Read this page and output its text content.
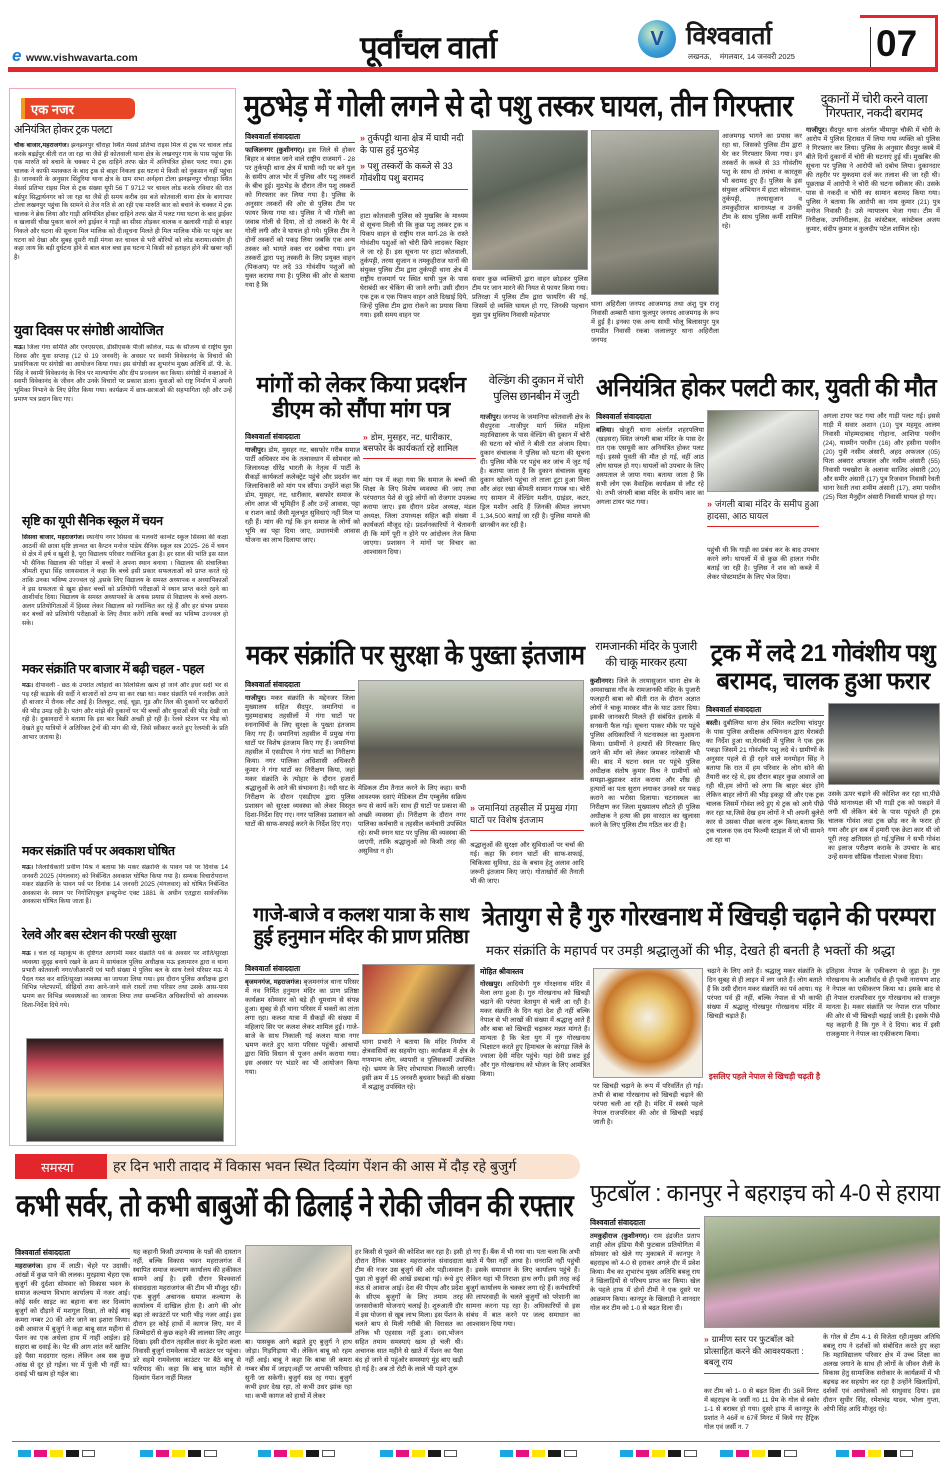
e www.vishwavarta.com	पूर्वांचल वार्ता	V विश्ववार्ता
लखनऊ,    मंगलवार, 14 जनवरी 2025 07
एक नजर
अनियंत्रित होकर ट्रक पलटा
चौक बाजार,महराजगंज। झनझनपुर चौराहा स्थित मेसर्स प्रतिभा राइस मिल से ट्रक पर चावल लोड करके बढ़ईपुर बीती रात जा रहा था जैसे ही कोतवाली थाना क्षेत्र के लखनपुर गाय के पास पहुंचा कि एक मारुति को बचाने के चक्कर मे ट्रक दाहिने तरफ खेत में अनियंत्रित होकर पलट गया। ट्रक चालक ने काफी मशक्कत के बाद ट्रक से बाहर निकला इस घटना मे किसी को नुकसान नहीं पहुंचा है। जानकारी के अनुसार सिंदुरिया थाना क्षेत्र के ग्राम सभा अर्नहवा टोला झनझनपुर चौराहा स्थित मेसर्स प्रतिभा राइस मिल से ट्रक संख्या यूपी 56 T 9712 पर चावल लोड करके रविवार की रात बर्डपुर सिद्धार्थनगर को जा रहा था जैसे ही समय करीब दस बजे कोतवाली थाना क्षेत्र के बागापार टोला लखनपुर पहुंचा कि सामने से तेज गति से आ रही एक मारुति कार को बचाने के चक्कर में ट्रक चालक ने ब्रेक लिया और गाड़ी अनियंत्रित होकर दाहिने तरफ खेत में पलट गया घटना के बाद ड्राईवर व खलासी चीख पुकार करने लगे ड्राईवर ने गाड़ी का सीसा तोड़कर चालक व खलासी गाड़ी से बाहर निकले और घटना की सूचना मिल मालिक को दी।सूचना मिलते ही मिल मालिक मौके पर पहुंच कर घटना को देखा और सुबह दूसरी गाड़ी मंगवा कर चावल से भरी बोरियों को लोड कराया।संयोग ही कहा जाय कि बड़ी दुर्घटना होने से बाल बाल बचा इस घटना मे किसी को हताहत होने की खबर नहीं है।
युवा दिवस पर संगोष्ठी आयोजित
मऊ। जिला गंगा समिति और एनएसएस, डीसीएसके पीजी कॉलेज, मऊ के सौजन्य से राष्ट्रीय युवा दिवस और युवा सप्ताह (12 से 19 जनवरी) के अवसर पर स्वामी विवेकानंद के विचारों की प्रासंगिकता पर संगोष्ठी का आयोजन किया गया। इस संगोष्ठी का शुभारंभ मुख्य अतिथि डॉ. पी. के. सिंह ने स्वामी विवेकानंद के चित्र पर माल्यार्पण और दीप प्रज्वलन कर किया। संगोष्ठी में वक्ताओं ने स्वामी विवेकानंद के जीवन और उनके विचारों पर प्रकाश डाला। युवाओं को राष्ट्र निर्माण में अपनी भूमिका निभाने के लिए प्रेरित किया गया। कार्यक्रम में छात्र-छात्राओं की सहभागिता रही और उन्हें प्रमाण पत्र प्रदान किए गए।
सृष्टि का यूपी सैनिक स्कूल में चयन
सिसवा बाजार, महराजगंज। स्थानीय नगर सिसवा के मलवरी कान्वेंट स्कूल सिसवा की कक्षा आठवीं की छात्रा सृष्टि ज्ञान्वत का कैप्टन मनोज पांडेय सैनिक स्कूल सत्र 2025- 26 में चयन से क्षेत्र में हर्ष व खुशी है, पूरा विद्यालय परिवार गर्वान्वित हुआ है। हर साल की भांति इस साल भी सैनिक विद्यालय की परीक्षा में बच्चों ने अपना स्थान बनाया । विद्यालय की संचालिका श्रीमती शुभ्रा सिंह जायसवाल ने कहा कि बच्चे इसी प्रकार सफलताओं को प्राप्त करते रहे ताकि उनका भविष्य उज्ज्वल रहे ,इसके लिए विद्यालय के समस्त अध्यापक व अध्यापिकाओं ने इस सफलता से खुश होकर बच्चों को प्रतियोगी परीक्षाओं मे स्थान प्राप्त करते रहने का आशीर्वाद दिया। विद्यालय के समस्त अध्यापकों के अथक प्रयास से विद्यालय के बच्चे अलग-अलग प्रतियोगिताओं में हिस्सा लेकर विद्यालय को गर्वान्वित कर रहे हैं और हर संभव प्रयास कर बच्चों को प्रतियोगी परीक्षाओं के लिए तैयार करेंगे ताकि बच्चों का भविष्य उज्ज्वल हो सके।
मकर संक्रांति पर बाजार में बढ़ी चहल - पहल
मऊ। दीपावली - छठ के उपरांत त्योहारों का सिलसिला खत्म हो जाने और इधर सर्दी भर से पड़ रही कड़ाके की सर्दी ने बाजारों को ठप्प सा कर रखा था। मकर संक्रांति पर्व नजदीक आते ही बाजार में रौनक लौट आई है। तिलकुट, लाई, चूड़ा, गुड़ और तिल की दुकानों पर खरीदारों की भीड़ उमड़ रही है। पतंग और मांझे की दुकानों पर भी बच्चों और युवाओं की भीड़ देखी जा रही है। दुकानदारों ने बताया कि इस बार बिक्री अच्छी हो रही है। रेलवे स्टेशन पर भीड़ को देखते हुए यात्रियों ने अतिरिक्त ट्रेनों की मांग की थी, जिसे स्वीकार करते हुए रेलमंत्री के प्रति आभार जताया है।
मकर संक्रांति पर्व पर अवकाश घोषित
मऊ। जिलाधिकारी प्रवीण मिश्र ने बताया कि मकर संक्रान्ति के पावन पर्व पर दिनांक 14 जनवरी 2025 (मंगलवार) को निर्बन्धित अवकाश घोषित किया गया है। सम्यक विचारोपरान्त मकर संक्रान्ति के पावन पर्व पर दिनांक 14 जनवरी 2025 (मंगलवार) को घोषित निर्बन्धित अवकाश के स्थान पर निगोशिएबुल इन्स्ट्रुमेन्ट एक्ट 1881 के अधीन एतद्वारा सार्वजनिक अवकाश घोषित किया जाता है।
रेलवे और बस स्टेशन की परखी सुरक्षा
मऊ । चल रहे महाकुंभ के दृष्टिगत आगामी मकर संक्रांति पर्व के अवसर पर शांति/सुरक्षा व्यवस्था सुदृढ़ बनाये रखने के क्रम मे सायंकाल पुलिस अधीक्षक मऊ इलामारन द्वारा व थाना प्रभारी कोतवाली नगर/जीआरपी एवं भारी संख्या मे पुलिस बल के साथ रेलवे परिसर मऊ मे पैदल गस्त कर शांति/सुरक्षा व्यवस्था का जायजा लिया गया। इस दौरान पुलिस अधीक्षक द्वारा विभिन्न प्लेटफार्मो, सीढ़ियों तथा आने-जाने वाले रास्तों तथा परिसर तथा उसके आस-पास भ्रमण कर विभिन्न व्यवस्थाओं का जायजा लिया तथा सम्बन्धित अधिकारियों को आवश्यक दिशा-निर्देश दिये गये।
मुठभेड़ में गोली लगने से दो पशु तस्कर घायल, तीन गिरफ्तार
विश्ववार्ता संवाददाता
फाजिलनगर (कुशीनगर)। इस जिले से होकर बिहार व बंगाल जाने वाले राष्ट्रीय राजमार्ग - 28 पर तुर्कपट्टी थाना क्षेत्र में घाघी नदी पर बने पुल के समीप आज भोर में पुलिस और पशु तस्करों के बीच हुई। मुठभेड़ के दौरान तीन पशु तस्करों को गिरफ्तार कर लिया गया है। पुलिस के अनुसार तस्करों की ओर से पुलिस टीम पर फायर किया गया था। पुलिस ने भी गोली का जवाब गोली से दिया, तो दो तस्करों के पैर में गोली लगी और वे घायल हो गये। पुलिस टीम ने दोनों तस्करों को पकड़ लिया जबकि एक अन्य तस्कर को भागते वक्त धर दबोचा गया। इन तस्करों द्वारा पशु तस्करी के लिए प्रयुक्त वाहन (पिकअप) पर लदे 33 गोवंशीय पशुओं को मुक्त कराया गया है। पुलिस की ओर से बताया गया है कि
» तुर्कपट्टी थाना क्षेत्र में घाघी नदी के पास हुई मुठभेड़
» पशु तस्करों के कब्जे से 33 गोवंशीय पशु बरामद
हाटा कोतवाली पुलिस को मुखबिर के माध्यम से सूचना मिली थी कि कुछ पशु तस्कर ट्रक व पिकप वाहन से राष्ट्रीय राज मार्ग-28 के रास्ते गोवंशीय पशुओं को चोरी छिपे लादकर बिहार ले जा रहे हैं। इस सूचना पर हाटा कोतवाली, तुर्कपट्टी, तरया सुजान व तमकुहीराज थानों की संयुक्त पुलिस टीम द्वारा तुर्कपट्टी थाना क्षेत्र में राष्ट्रीय राजमार्ग पर स्थित घाघी पुल के पास घेराबंदी कर चेकिंग की जाने लगी। उसी दौरान एक ट्रक व एक पिकप वाहन आते दिखाई दिये, जिन्हें पुलिस टीम द्वारा रोकने का प्रयास किया गया। इसी समय वाहन पर
सवार कुछ व्यक्तियों द्वारा वाहन छोड़कर पुलिस टीम पर जान मारने की नियत से फायर किया गया। प्रतिरक्षा में पुलिस टीम द्वारा फायरिंग की गई, जिसमें दो व्यक्ति घायल हो गए, जिनकी पहचान मुन्ना पुत्र मुस्लिम निवासी महेशपार
थाना अहिरौला जनपद आजमगढ़ तथा अंशु पुत्र राजू निवासी अम्बारी थाना फूलपुर जनपद आजमगढ़ के रूप में हुई है। इनका एक अन्य साथी भोलू बिलासपुर पुत्र रामप्रीत निवासी रकबा जलालपुर थाना अहिरौला जनपद
आजमगढ़ भागने का प्रयास कर रहा था, जिसको पुलिस टीम द्वारा घेर कर गिरफ्तार किया गया। इन तस्करों के कब्जे से 33 गोवंशीय पशु के साथ दो तमंचा व कारतूस भी बरामद हुए हैं। पुलिस के इस संयुक्त अभियान में हाटा कोतवाल, तुर्कपट्टी, तरयासुजान व तमकुहीराज थानाध्यक्ष व उनकी टीम के साथ पुलिस कर्मी शामिल रहे।
दुकानों में चोरी करने वाला गिरफ्तार, नकदी बरामद
गाजीपुर। सैदपुर थाना अंतर्गत भीमापुर चौकी में चोरी के आरोप में पुलिस हिरासत में लिया गया व्यक्ति को पुलिस ने गिरफ्तार कर लिया। पुलिस के अनुसार सैदपुर कस्बे में बीते दिनों दुकानों में चोरी की घटनाएं हुई थीं। मुखबिर की सूचना पर पुलिस ने आरोपी को दबोच लिया। दुकानदार की तहरीर पर मुकदमा दर्ज कर तलाश की जा रही थी। पूछताछ में आरोपी ने चोरी की घटना स्वीकार की। उसके पास से नकदी व चोरी का सामान बरामद किया गया। पुलिस ने बताया कि आरोपी का नाम कुमार (21) पुत्र मनोज निवासी है। उसे न्यायालय भेजा गया। टीम में निरीक्षक, उपनिरीक्षक, हेड कांस्टेबल, कांस्टेबल अजय कुमार, संदीप कुमार व कुलदीप पटेल शामिल रहे।
मांगों को लेकर किया प्रदर्शन डीएम को सौंपा मांग पत्र
विश्ववार्ता संवाददाता
गाजीपुर। डोम, मुसहर नट, बसफोर गरीब समाज पार्टी अधिकार मंच के तत्वावधान में सोमवार को जिलाध्यक्ष धीरेंद्र भारती के नेतृत्व में पार्टी के सैकड़ों कार्यकर्ता कलेक्ट्रेट पहुंचे और प्रदर्शन कर जिलाधिकारी को मांग पत्र सौंपा। उन्होंने कहा कि डोम, मुसहर, नट, धारीकार, बसफोर समाज के लोग आज भी भूमिहीन हैं और उन्हें आवास, पट्टा व राशन कार्ड जैसी मूलभूत सुविधाएं नहीं मिल पा रही हैं। मांग की गई कि इन समाज के लोगों को भूमि का पट्टा दिया जाए, प्रधानमंत्री आवास योजना का लाभ दिलाया जाए।
» डोम, मुसहर, नट, धारीकार, बसफोर के कार्यकर्ता रहे शामिल
मांग पत्र में कहा गया कि समाज के बच्चों की शिक्षा के लिए विशेष व्यवस्था की जाए तथा परंपरागत पेशे से जुड़े लोगों को रोजगार उपलब्ध कराया जाए। इस दौरान प्रदेश अध्यक्ष, मंडल अध्यक्ष, जिला उपाध्यक्ष सहित बड़ी संख्या में कार्यकर्ता मौजूद रहे। प्रदर्शनकारियों ने चेतावनी दी कि मांगें पूरी न होने पर आंदोलन तेज किया जाएगा। प्रशासन ने मांगों पर विचार का आश्वासन दिया।
वेल्डिंग की दुकान में चोरी पुलिस छानबीन में जुटी
गाजीपुर। जनपद के जमानिया कोतवाली क्षेत्र के सैदपुरवा -गाजीपुर मार्ग स्थित महिला महाविद्यालय के पास वेल्डिंग की दुकान में चोरी की घटना को चोरों ने बीती रात अंजाम दिया। दुकान संचालक ने पुलिस को घटना की सूचना दी। पुलिस मौके पर पहुंच कर जांच में जुट गई है। बताया जाता है कि दुकान संचालक सुबह दुकान खोलने पहुंचा तो ताला टूटा हुआ मिला और अंदर रखा कीमती सामान गायब था। चोरी गए सामान में वेल्डिंग मशीन, ग्राइंडर, कटर, ड्रिल मशीन आदि हैं जिनकी कीमत लगभग 1,34,500 बताई जा रही है। पुलिस मामले की छानबीन कर रही है।
अनियंत्रित होकर पलटी कार, युवती की मौत
विश्ववार्ता संवाददाता
बलिया। खेजुरी थाना अंतर्गत शहरपलिया (खड़सरा) स्थित जंगली बाबा मंदिर के पास देर रात एक एसयूवी कार अनियंत्रित होकर पलट गई। इससे युवती की मौत हो गई, वहीं आठ लोग घायल हो गए। घायलों को उपचार के लिए अस्पताल ले जाया गया। बताया जाता है कि सभी लोग एक वैवाहिक कार्यक्रम से लौट रहे थे। तभी जंगली बाबा मंदिर के समीप कार का अगला टायर फट गया।	» जंगली बाबा मंदिर के समीप हुआ हादसा, आठ घायल
पहुंची थी कि गाड़ी का प्रबंध कर के बाद उपचार करने लगे। घायलों में से कुछ की हालत गंभीर बताई जा रही है। पुलिस ने शव को कब्जे में लेकर पोस्टमार्टम के लिए भेज दिया।
अगला टायर फट गया और गाड़ी पलट गई। इससे गाड़ी में सवार अशान (10) पुत्र महमूद आलम निवासी मोहम्मदाबाद गोहाना, आशिया परवीन (24), यास्मीन परवीन (16) और हसीना परवीन (20) पुत्री नसीम अंसारी, अहद अफजल (05) पिता अबरार अफजल और नसीम अंसारी (55) निवासी पचखोरा के अलावा साजिद अंसारी (20) और समीर अंसारी (17) पुत्र रिजवान निवासी रेवती थाना रेवती तथा शमीम अंसारी (17), शमा परवीन (25) पिता मैनुद्दीन अंसारी निवासी घायल हो गए।
मकर संक्रांति पर सुरक्षा के पुख्ता इंतजाम
विश्ववार्ता संवाददाता
गाजीपुर। मकर संक्रांति के मद्देनजर जिला मुख्यालय सहित सैदपुर, जमानियां व मुहम्मदाबाद तहसीलों में गंगा घाटों पर स्नानार्थियों के लिए सुरक्षा के पुख्ता इंतजाम किए गए हैं। जमानियां तहसील में प्रमुख गंगा घाटों पर विशेष इंतजाम किए गए हैं। जमानियां तहसील में एसडीएम ने गंगा घाटों का निरीक्षण किया। नगर पालिका अधिशासी अधिकारी कुमार ने गंगा घाटों का निरीक्षण किया, जहां मकर संक्रांति के त्योहार के दौरान हजारों श्रद्धालुओं के आने की संभावना है। नदी घाट के निरीक्षण के दौरान एसडीएम द्वारा पुलिस प्रशासन को सुरक्षा व्यवस्था को लेकर विस्तृत दिशा-निर्देश दिए गए। नगर पालिका प्रशासन को घाटों की साफ-सफाई करने के निर्देश दिए गए।
मेडिकल टीम तैनात करने के लिए कहा। सभी आवश्यक दवाएं मेडिकल टीम एम्बुलेंस सक्रिय रूप से कार्य करें। साथ ही घाटों पर प्रकाश की अच्छी व्यवस्था हो। निरीक्षण के दौरान नगर पालिका कर्मचारी व तहसील कर्मचारी उपस्थित रहे। सभी स्नान घाट पर पुलिस की व्यवस्था की जाएगी, ताकि श्रद्धालुओं को किसी तरह की असुविधा न हो।
» जमानियां तहसील में प्रमुख गंगा घाटों पर विशेष इंतजाम
श्रद्धालुओं की सुरक्षा और सुविधाओं पर चर्चा की गई। कहा कि स्नान घाटों की साफ-सफाई, चिकित्सा सुविधा, ठंड के बचाव हेतु अलाव आदि जरूरी इंतजाम किए जाएं। गोताखोरों की तैनाती भी की जाए।
रामजानकी मंदिर के पुजारी की चाकू मारकर हत्या
कुशीनगर। जिले के तरयासुजान थाना क्षेत्र के अमवाखास गाँव के रामजानकी मंदिर के पुजारी फलहारी बाबा को बीती रात के दौरान अज्ञात लोगों ने चाकू मारकर मौत के घाट उतार दिया। इसकी जानकारी मिलते ही संबंधित इलाके में सनसनी फैल गई। सूचना पाकर मौके पर पहुंचे पुलिस अधिकारियों ने घटनास्थल का मुआयना किया। ग्रामीणों ने हत्यारों की गिरफ्तार किए जाने की माँग को लेकर जमकर नारेबाजी भी की। बाद में घटना स्थल पर पहुंचे पुलिस अधीक्षक संतोष कुमार मिश्र ने ग्रामीणों को समझा-बुझाकर शांत कराया और शीघ्र ही हत्यारों का पता सुराग लगाकर उनको धर पकड़ कराने का भरोसा दिलाया। घटनास्थल का निरीक्षण कर जिला मुख्यालय लौटते ही पुलिस अधीक्षक ने हत्या की इस वारदात का खुलासा करने के लिए पुलिस टीम गठित कर दी है।
ट्रक में लदे 21 गोवंशीय पशु बरामद, चालक हुआ फरार
विश्ववार्ता संवाददाता
बस्ती। दुबौलिया थाना क्षेत्र स्थित कटरिया चांदपुर के पास पुलिस अधीक्षक अभिनन्दन द्वारा घेराबंदी का निर्देश हुआ था,घेराबंदी में पुलिस ने एक ट्रक पकड़ा जिसमें 21 गोवंशीय पशु लदे थे। ग्रामीणों के अनुसार पहले से ही रहने वाले मनमोहन सिंह ने बताया कि रात में हम परिवार के लोग सोने की तैयारी कर रहे थे, इस दौरान बाहर कुछ आवाजें आ रही थी,हम लोगों को लगा कि बाहर बंदर होंगे लेकिन बाहर लोगों की भीड़ इकट्ठा थी और एक ट्रक चालक जिसमें गोवंश लदे हुए थे ट्रक को आगे पीछे कर रहा था,जिसे देख हम लोगों ने भी अपनी बुलेरो कार से उसका पीछा करना शुरू किया,बताया कि ट्रक चालक एक दम फिल्मी स्टाइल में जो भी सामने आ रहा था
उसके ऊपर चढ़ाने की कोशिश कर रहा था,पीछे पीछे थानाध्यक्ष की भी गाड़ी ट्रक को पकड़ने में लगी थी लेकिन बंधे के पास पहुंचते ही ट्रक चालक गोवंश लदा ट्रक छोड़ कर के फरार हो गया और इन सब में हमारी एक क्रेटा कार थी जो पूरी तरह क्षतिग्रस्त हो गई,पुलिस ने सभी गोवंश का इलाज परीक्षण कराके के उपचार के बाद उन्हें समना सौम्रिक गौशाला भेजवा दिया।
गाजे-बाजे व कलश यात्रा के साथ हुई हनुमान मंदिर की प्राण प्रतिष्ठा
विश्ववार्ता संवाददाता
बृजमनगंज, महराजगंज। बृजमनगंज थाना परिसर में नव निर्मित हनुमान मंदिर का प्राण प्रतिष्ठा कार्यक्रम सोमवार को बड़े ही धूमधाम से संपन्न हुआ। सुबह से ही थाना परिसर में भक्तों का तांता लगा रहा। कलश यात्रा में सैकड़ों की संख्या में महिलाएं सिर पर कलश लेकर शामिल हुईं। गाजे-बाजे के साथ निकाली गई कलश यात्रा नगर भ्रमण करते हुए थाना परिसर पहुंची। आचार्यों द्वारा विधि विधान से पूजन अर्चन कराया गया। इस अवसर पर भंडारे का भी आयोजन किया गया।
थाना प्रभारी ने बताया कि मंदिर निर्माण में क्षेत्रवासियों का सहयोग रहा। कार्यक्रम में क्षेत्र के गणमान्य लोग, व्यापारी व पुलिसकर्मी उपस्थित रहे। भ्रमण के लिए शोभायात्रा निकाली जाएगी। इसी क्रम में 15 जनवरी बुधवार रैकड़ों की संख्या में श्रद्धालु उपस्थित रहे।
त्रेतायुग से है गुरु गोरखनाथ में खिचड़ी चढ़ाने की परम्परा
मकर संक्रांति के महापर्व पर उमड़ी श्रद्धालुओं की भीड़, देखते ही बनती है भक्तों की श्रद्धा
मोहित श्रीवास्तव
गोरखपुर। आदियोगी गुरु गोरक्षनाथ मंदिर में मेला लगा हुआ है। गुरु गोरखनाथ को खिचड़ी चढ़ाने की परंपरा त्रेतायुग से चली आ रही है। मकर संक्रांति के दिन यहां देश ही नहीं बल्कि नेपाल से भी लाखों की संख्या में श्रद्धालु आते हैं और बाबा को खिचड़ी चढ़ाकर मन्नत मांगते हैं। मान्यता है कि त्रेता युग में गुरु गोरखनाथ भिक्षाटन करते हुए हिमाचल के कांगड़ा जिले के ज्वाला देवी मंदिर पहुंचे। यहां देवी प्रकट हुईं और गुरु गोरखनाथ को भोजन के लिए आमंत्रित किया।
पर खिचड़ी चढ़ाने के रूप में परिवर्तित हो गई। तभी से बाबा गोरखनाथ को खिचड़ी चढ़ाने की परंपरा चली आ रही है। मंदिर में सबसे पहले नेपाल राजपरिवार की ओर से खिचड़ी चढ़ाई जाती है।
चढ़ाने के लिए आते हैं। श्रद्धालु मकर संक्रांति के दिन सुबह से ही लाइन में लग जाते हैं। लोग बताते हैं कि उसी दौरान मकर संक्रांति का पर्व आया। यह परंपरा पर्व ही नहीं, बल्कि नेपाल से भी काफी संख्या में श्रद्धालु गोरखपुर गोरखनाथ मंदिर में खिचड़ी चढ़ाते हैं।
इसलिए पहले नेपाल से खिचड़ी चढ़ती है
इतिहास नेपाल के एकीकरण से जुड़ा है। गुरु गोरखनाथ के आशीर्वाद से ही पृथ्वी नारायण शाह ने नेपाल का एकीकरण किया था। इसके बाद से ही नेपाल राजपरिवार गुरु गोरखनाथ को राजगुरु मानता है। मकर संक्रांति पर नेपाल राज परिवार की ओर से भी खिचड़ी चढ़ाई जाती है। इसके पीछे यह कहानी है कि गुरु ने दे दिया। बाद में इसी राजकुमार ने नेपाल का एकीकरण किया।
समस्या	हर दिन भारी तादाद में विकास भवन स्थित दिव्यांग पेंशन की आस में दौड़ रहे बुजुर्ग
कभी सर्वर, तो कभी बाबुओं की ढिलाई ने रोकी जीवन की रफ्तार
विश्ववार्ता संवाददाता
महराजगंज। हाथ में लाठी। चेहरे पर उदासी। आंखों में कुछ पाने की ललक। मुरझाया चेहरा एक बुजुर्ग की दुर्दशा सोमवार को विकास भवन के समाज कल्याण विभाग कार्यालय में नजर आई। कोई सर्वर साइट का बहाना बना कर दिव्यांग बुजुर्ग को दौड़ाने में मशगूल दिखा, तो कोई बाबू कमरा नम्बर 20 की ओर जाने का इशारा किया। दबी आवाज में बुजुर्ग ने कहा बाबू सात महीना से पेंशन का एक अधेला हाथ में नाहीं आईल। इहे सहारा बा दवाई के। पेट की आग शांत करें खातिर इहे पैसा मददगार रहल। लेकिन अब सब कुछ आंख से दूर हो गईल। घर में पूंजी भी नहीं था। दवाई भी खत्म हो गईल बा।
यह कहानी किसी उपन्यास के पन्नों की दास्तान नहीं, बल्कि विकास भवन महराजगंज में स्थापित समाज कल्याण कार्यालय की हकीकत सामने आई है। इसी दौरान विश्ववार्ता संवाददाता महराजगंज की टीम भी मौजूद रही। एक बुजुर्ग अचानक समाज कल्याण के कार्यालय में दाखिल होता है। आगे की ओर बढ़ा तो काउंटरों पर भारी भीड़ नजर आई। इस दौरान हर कोई हाथों में कागज लिए, मन में जिम्मेदारों से कुछ कहने की लालसा लिए आतुर दिखा। इसी दौरान तहसील सदर के मुडेरा कला निवासी बुजुर्ग रामवेलास भी काउंटर पर पहुंचा। डरे सहमे रामवेलास काउंटर पर बैठे बाबू से फरियाद की। कहा कि बाबू सात महीने से दिव्यांग पेंशन नाहीं मिलत
बा। पासबुक आगे बढ़ाते हुए बुजुर्ग ने हाथ जोड़ा। गिड़गिड़ाया भी। लेकिन बाबू को रहम नहीं आई। बाबू ने कहा कि बाबा जी कमरा नम्बर बीस में जाइए।वहीं पर आपकी फरियाद सुनी जा सकेगी। बुजुर्ग सन्न रह गया। बुजुर्ग कभी इधर देख रहा, तो कभी उधर झांक रहा था। कभी कागज को हाथों में लेकर
हर किसी से पूछने की कोशिश कर रहा है। इसी दौरान दैनिक भास्कर महराजगंज संवाददाता टीम की नजर उस बुजुर्ग की ओर पड़ी।सवाल पूछा तो बुजुर्ग की आंखें डबडबा गई। रूंधे हुए कंठ से आवाज आई। देश की पीएम और प्रदेश के सीएम बुजुर्गों के लिए तमाम तरह जनसरोकारी योजनाएं चलाई है। शुरुआती दौर में इस योजना से खूब लाभ मिला। इस पेंशन के चलते बाप से मिली गरीबी की विरासत का तनिक भी एहसास नहीं हुआ। दवा,भोजन सहित तमाम समस्याएं खत्म हो चली थी। अचानक सात महीने से खाते में पेंशन का पैसा बंद हो जाने से पहुंओर समस्याएं मुंह बाए खड़ी हो गई है। अब तो रोटी के लाले भी पड़ने शुरू
हो गए हैं। बैंक में भी गया था। पता चला कि अभी खाते में पैसा नहीं आया है। धनराशि नहीं पहुंची है। इसके समाधान के लिए कार्यालय पहुंचे हैं। लेकिन यहां भी निराशा हाथ लगी। इसी तरह कई बुजुर्ग कार्यालय के चक्कर लगा रहे हैं। कर्मचारियों की लापरवाही के चलते बुजुर्गों को परेशानी का सामना करना पड़ रहा है। अधिकारियों से इस संबंध में बात करने पर जल्द समाधान का आश्वासन दिया गया।
फुटबॉल : कानपुर ने बहराइच को 4-0 से हराया
विश्ववार्ता संवाददाता
तमकुहीराज (कुशीनगर)। राम इंद्रजीत प्रताप शाही ओल इंडिया मैत्री फुटबाल प्रतियोगिता में सोमवार को खेले गए मुकाबले में कानपुर ने बहराइच को 4-0 से हराकर अगले दौर में प्रवेश किया। मैच का शुभारंभ मुख्य अतिथि बबलू राय ने खिलाड़ियों से परिचय प्राप्त कर किया। खेल के पहले हाफ में दोनों टीमों ने एक दूसरे पर आक्रमण किया। कानपुर के खिलाड़ी ने शानदार गोल कर टीम को 1-0 से बढ़त दिला दी।
» ग्रामीण स्तर पर फुटबॉल को प्रोत्साहित करने की आवश्यकता : बबलू राय
कर टीम को 1- 0 से बढ़त दिला दी। 36वें मिनट में बहराइच के जर्सी न0 11 प्रेम के गोल से स्कोर 1-1 से बराबर हो गया। दूसरे हाफ में कानपुर के प्रशांत ने 46वें व 67वें मिनट में किये गए हैट्रिक गोल एवं जर्सी न. 7
के गोल से टीम 4-1 से विजेता रही।मुख्य अतिथि बबलू राय ने दर्शकों को संबोधित करते हुए कहा कि महाविद्यालय परिवार क्षेत्र में उच्च शिक्षा का अलख जगाने के साथ ही लोगों के जीवन शैली के विकास हेतु सामाजिक सरोकार के कार्यक्रमों में भी बढ़चढ़ कर सहयोग कर रहा है उन्होंने खिलाड़ियों, दर्शकों एवं आयोजकों को साधुवाद दिया। इस दौरान सुधीर सिंह, रमेशचंद्र यादव, भोला गुप्ता, ओपी सिंह आदि मौजूद रहे।
